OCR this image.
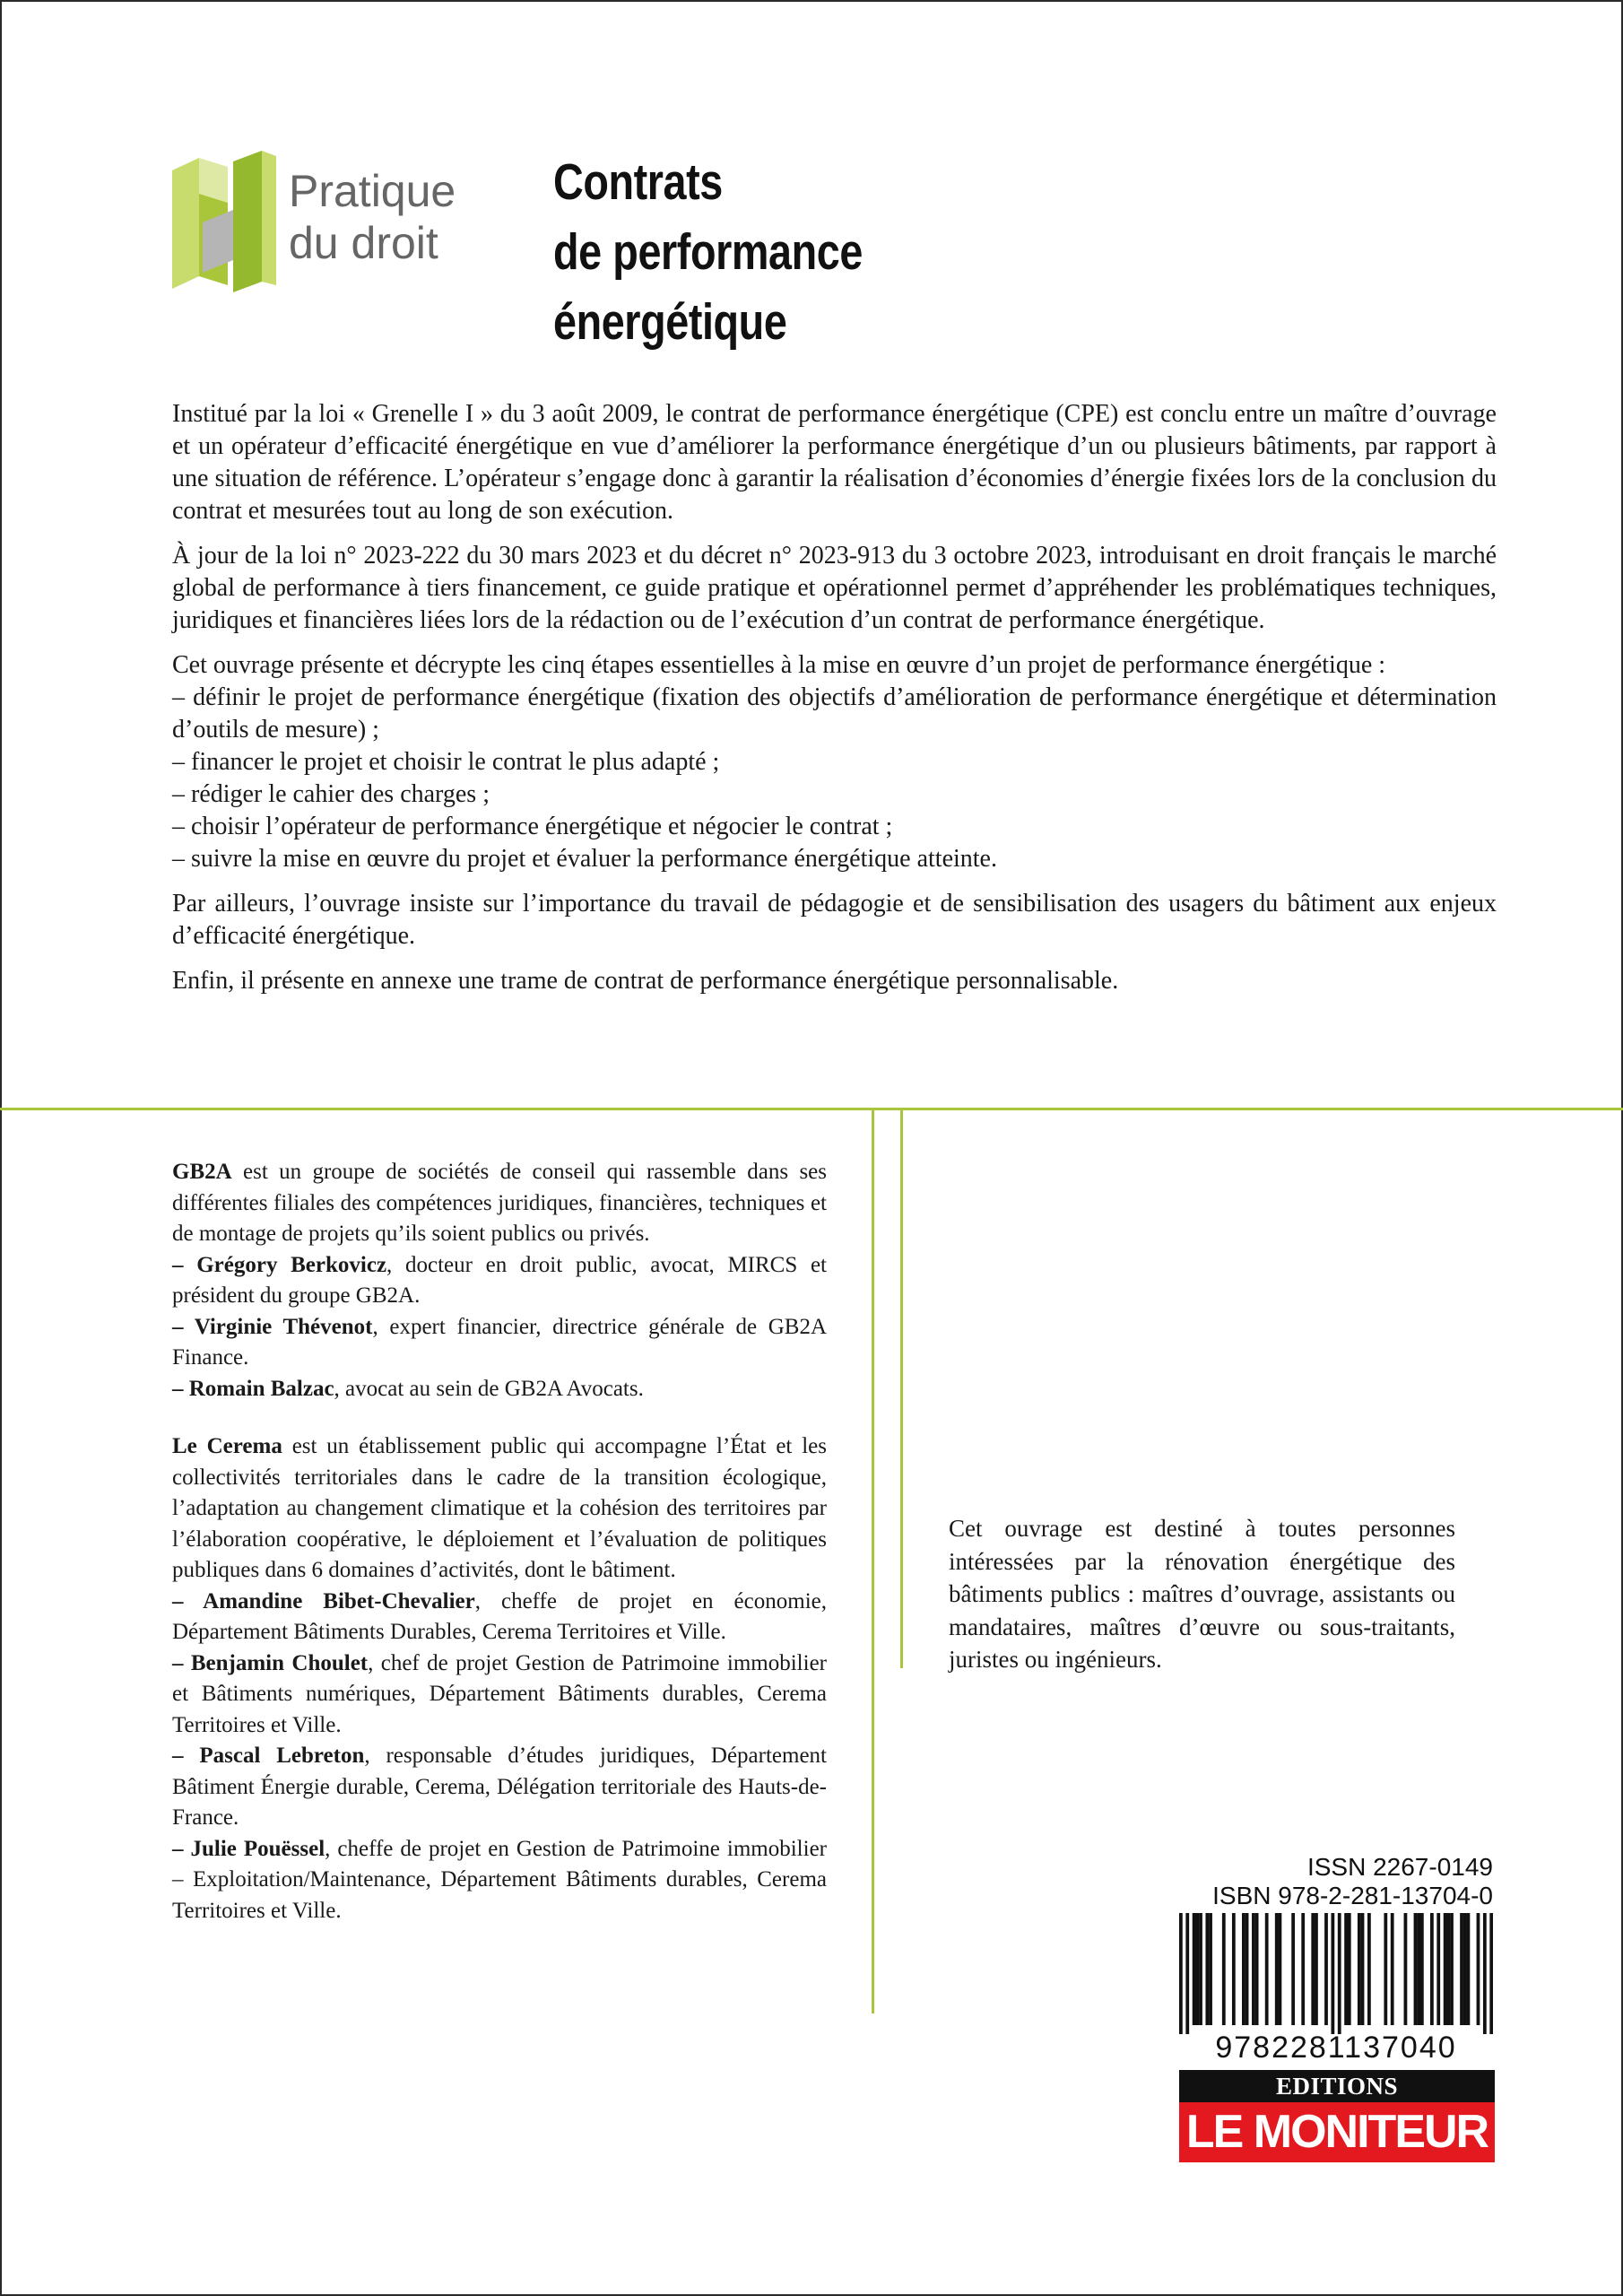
Pratique
du droit
Contrats
de performance
énergétique

Institué par la loi « Grenelle I » du 3 août 2009, le contrat de performance énergétique (CPE) est conclu entre un maître d’ouvrage et un opérateur d’efficacité énergétique en vue d’améliorer la performance énergétique d’un ou plusieurs bâtiments, par rapport à une situation de référence. L’opérateur s’engage donc à garantir la réalisation d’économies d’énergie fixées lors de la conclusion du contrat et mesurées tout au long de son exécution.

À jour de la loi n° 2023-222 du 30 mars 2023 et du décret n° 2023-913 du 3 octobre 2023, introduisant en droit français le marché global de performance à tiers financement, ce guide pratique et opérationnel permet d’appréhender les problématiques techniques, juridiques et financières liées lors de la rédaction ou de l’exécution d’un contrat de performance énergétique.

Cet ouvrage présente et décrypte les cinq étapes essentielles à la mise en œuvre d’un projet de performance énergétique :

– définir le projet de performance énergétique (fixation des objectifs d’amélioration de performance énergétique et détermination d’outils de mesure) ;
– financer le projet et choisir le contrat le plus adapté ;
– rédiger le cahier des charges ;
– choisir l’opérateur de performance énergétique et négocier le contrat ;
– suivre la mise en œuvre du projet et évaluer la performance énergétique atteinte.

Par ailleurs, l’ouvrage insiste sur l’importance du travail de pédagogie et de sensibilisation des usagers du bâtiment aux enjeux d’efficacité énergétique.

Enfin, il présente en annexe une trame de contrat de performance énergétique personnalisable.

GB2A est un groupe de sociétés de conseil qui rassemble dans ses différentes filiales des compétences juridiques, financières, techniques et de montage de projets qu’ils soient publics ou privés.

– Grégory Berkovicz, docteur en droit public, avocat, MIRCS et président du groupe GB2A.

– Virginie Thévenot, expert financier, directrice générale de GB2A Finance.

– Romain Balzac, avocat au sein de GB2A Avocats.

Le Cerema est un établissement public qui accompagne l’État et les collectivités territoriales dans le cadre de la transition écologique, l’adaptation au changement climatique et la cohésion des territoires par l’élaboration coopérative, le déploiement et l’évaluation de politiques publiques dans 6 domaines d’activités, dont le bâtiment.

– Amandine Bibet-Chevalier, cheffe de projet en économie, Département Bâtiments Durables, Cerema Territoires et Ville.

– Benjamin Choulet, chef de projet Gestion de Patrimoine immobilier et Bâtiments numériques, Département Bâtiments durables, Cerema Territoires et Ville.

– Pascal Lebreton, responsable d’études juridiques, Département Bâtiment Énergie durable, Cerema, Délégation territoriale des Hauts-de-France.

– Julie Pouëssel, cheffe de projet en Gestion de Patrimoine immobilier – Exploitation/Maintenance, Département Bâtiments durables, Cerema Territoires et Ville.

Cet ouvrage est destiné à toutes personnes intéressées par la rénovation énergétique des bâtiments publics : maîtres d’ouvrage, assistants ou mandataires, maîtres d’œuvre ou sous-traitants, juristes ou ingénieurs.
ISSN 2267-0149
ISBN 978-2-281-13704-0
9782281137040
EDITIONS
LE MONITEUR
